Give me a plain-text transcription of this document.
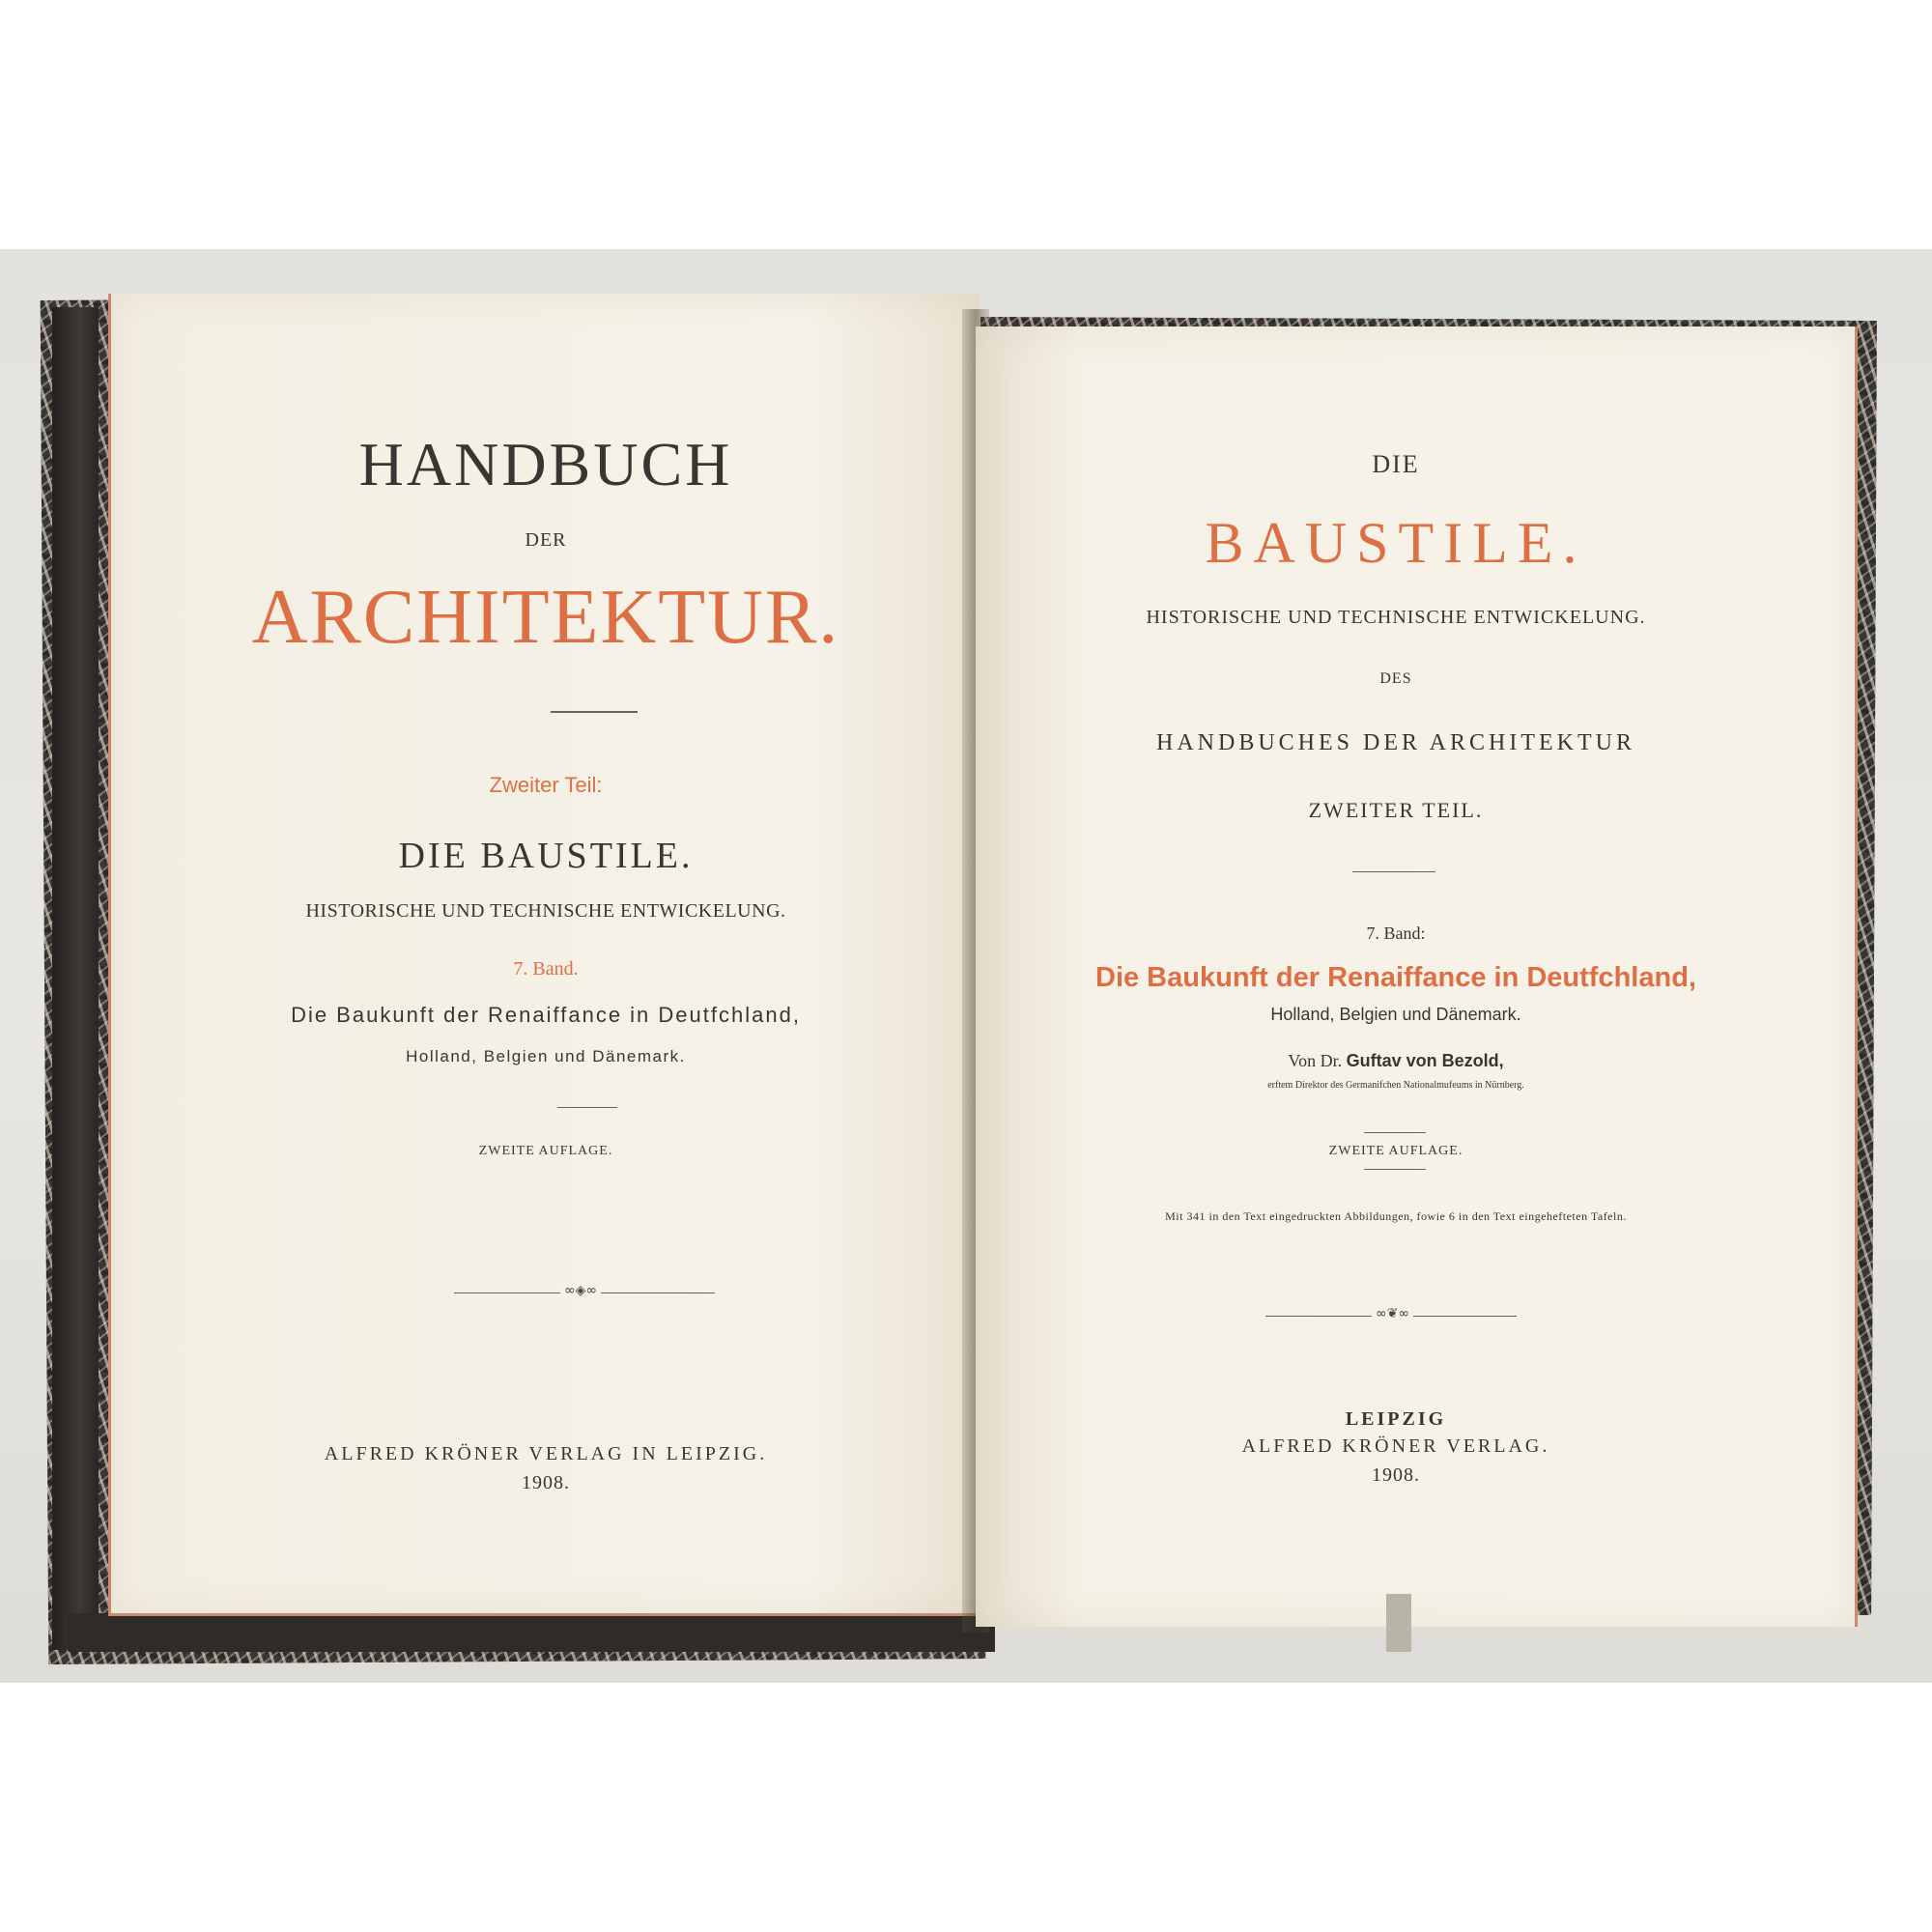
HANDBUCH

DER

ARCHITEKTUR.

Zweiter Teil:

DIE BAUSTILE.

HISTORISCHE UND TECHNISCHE ENTWICKELUNG.

7. Band.

Die Baukunft der Renaiffance in Deutfchland,

Holland, Belgien und Dänemark.

ZWEITE AUFLAGE.

∞◈∞

ALFRED KRÖNER VERLAG IN LEIPZIG.

1908.

DIE

BAUSTILE.

HISTORISCHE UND TECHNISCHE ENTWICKELUNG.

DES

HANDBUCHES DER ARCHITEKTUR

ZWEITER TEIL.

7. Band:

Die Baukunft der Renaiffance in Deutfchland,

Holland, Belgien und Dänemark.

Von Dr. Guftav von Bezold,

erftem Direktor des Germanifchen Nationalmufeums in Nürnberg.

ZWEITE AUFLAGE.

Mit 341 in den Text eingedruckten Abbildungen, fowie 6 in den Text eingehefteten Tafeln.

∞❦∞

LEIPZIG

ALFRED KRÖNER VERLAG.

1908.
